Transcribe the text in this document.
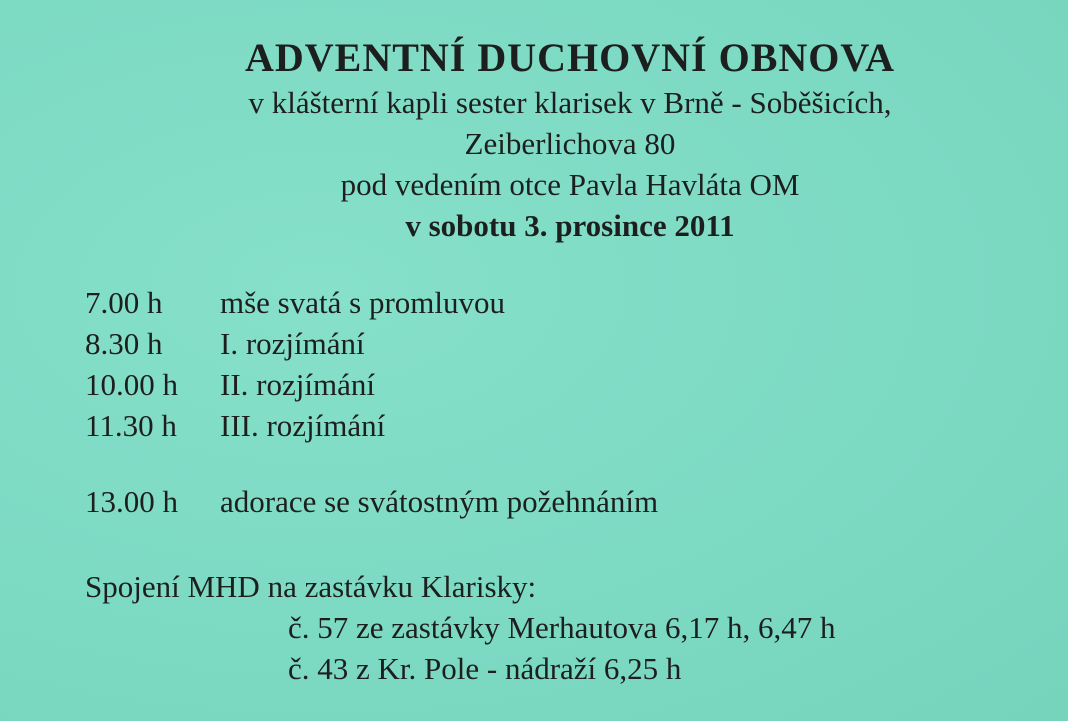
ADVENTNÍ DUCHOVNÍ OBNOVA

v klášterní kapli sester klarisek v Brně - Soběšicích,

Zeiberlichova 80

pod vedením otce Pavla Havláta OM

v sobotu 3. prosince 2011

7.00 h	mše svatá s promluvou
8.30 h	I. rozjímání
10.00 h	II. rozjímání
11.30 h	III. rozjímání
13.00 h	adorace se svátostným požehnáním
Spojení MHD na zastávku Klarisky:
č. 57 ze zastávky Merhautova 6,17 h, 6,47 h
č. 43 z Kr. Pole - nádraží 6,25 h
